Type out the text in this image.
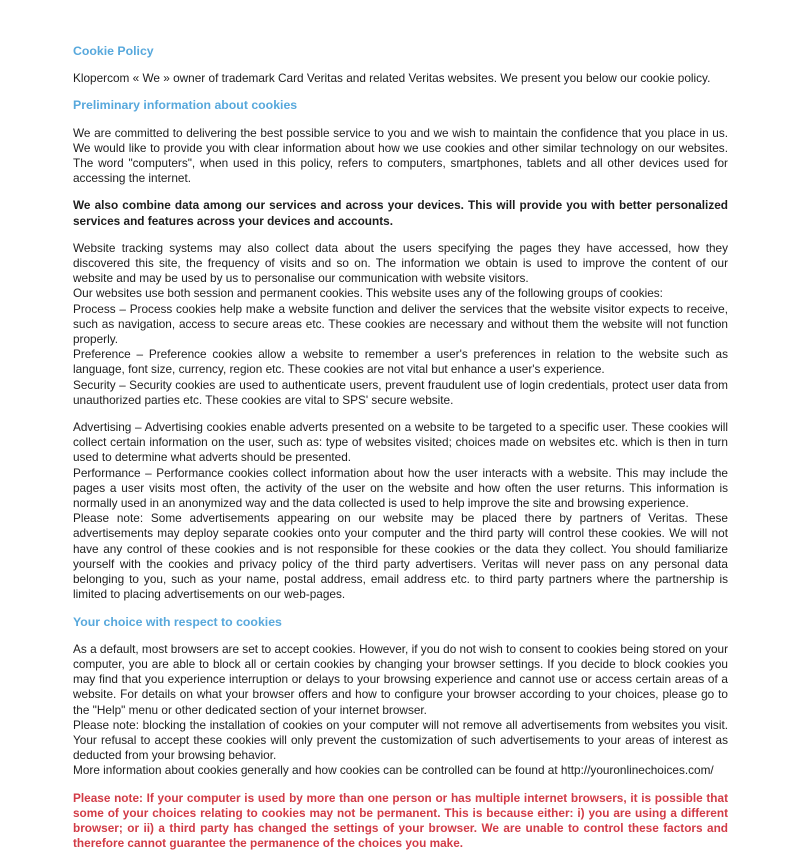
Cookie Policy

Klopercom « We » owner of trademark Card Veritas and related Veritas websites. We present you below our cookie policy.

Preliminary information about cookies

We are committed to delivering the best possible service to you and we wish to maintain the confidence that you place in us. We would like to provide you with clear information about how we use cookies and other similar technology on our websites. The word "computers", when used in this policy, refers to computers, smartphones, tablets and all other devices used for accessing the internet.

We also combine data among our services and across your devices. This will provide you with better personalized services and features across your devices and accounts.

Website tracking systems may also collect data about the users specifying the pages they have accessed, how they discovered this site, the frequency of visits and so on. The information we obtain is used to improve the content of our website and may be used by us to personalise our communication with website visitors.

Our websites use both session and permanent cookies. This website uses any of the following groups of cookies:

Process – Process cookies help make a website function and deliver the services that the website visitor expects to receive, such as navigation, access to secure areas etc. These cookies are necessary and without them the website will not function properly.

Preference – Preference cookies allow a website to remember a user's preferences in relation to the website such as language, font size, currency, region etc. These cookies are not vital but enhance a user's experience.

Security – Security cookies are used to authenticate users, prevent fraudulent use of login credentials, protect user data from unauthorized parties etc. These cookies are vital to SPS' secure website.

Advertising – Advertising cookies enable adverts presented on a website to be targeted to a specific user. These cookies will collect certain information on the user, such as: type of websites visited; choices made on websites etc. which is then in turn used to determine what adverts should be presented.

Performance – Performance cookies collect information about how the user interacts with a website. This may include the pages a user visits most often, the activity of the user on the website and how often the user returns. This information is normally used in an anonymized way and the data collected is used to help improve the site and browsing experience.

Please note: Some advertisements appearing on our website may be placed there by partners of Veritas. These advertisements may deploy separate cookies onto your computer and the third party will control these cookies. We will not have any control of these cookies and is not responsible for these cookies or the data they collect. You should familiarize yourself with the cookies and privacy policy of the third party advertisers. Veritas will never pass on any personal data belonging to you, such as your name, postal address, email address etc. to third party partners where the partnership is limited to placing advertisements on our web-pages.

Your choice with respect to cookies

As a default, most browsers are set to accept cookies. However, if you do not wish to consent to cookies being stored on your computer, you are able to block all or certain cookies by changing your browser settings. If you decide to block cookies you may find that you experience interruption or delays to your browsing experience and cannot use or access certain areas of a website. For details on what your browser offers and how to configure your browser according to your choices, please go to the "Help" menu or other dedicated section of your internet browser.

Please note: blocking the installation of cookies on your computer will not remove all advertisements from websites you visit. Your refusal to accept these cookies will only prevent the customization of such advertisements to your areas of interest as deducted from your browsing behavior.

More information about cookies generally and how cookies can be controlled can be found at http://youronlinechoices.com/

Please note: If your computer is used by more than one person or has multiple internet browsers, it is possible that some of your choices relating to cookies may not be permanent. This is because either: i) you are using a different browser; or ii) a third party has changed the settings of your browser. We are unable to control these factors and therefore cannot guarantee the permanence of the choices you make.
